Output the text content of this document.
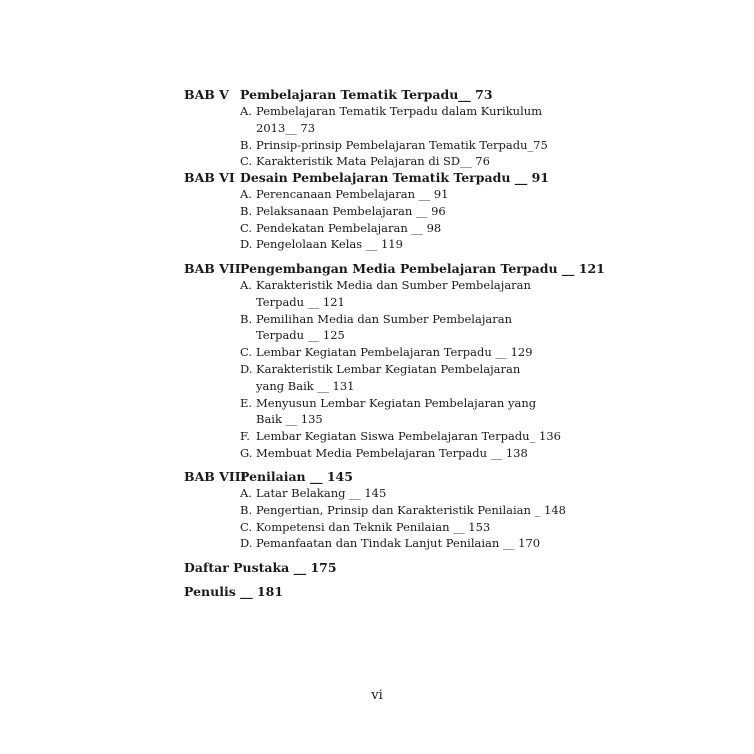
BAB V Pembelajaran Tematik Terpadu__ 73
A. Pembelajaran Tematik Terpadu dalam Kurikulum
2013__ 73
B. Prinsip-prinsip Pembelajaran Tematik Terpadu_75
C. Karakteristik Mata Pelajaran di SD__ 76
BAB VI Desain Pembelajaran Tematik Terpadu __ 91
A. Perencanaan Pembelajaran __ 91
B. Pelaksanaan Pembelajaran __ 96
C. Pendekatan Pembelajaran __ 98
D. Pengelolaan Kelas __ 119
BAB VIIPengembangan Media Pembelajaran Terpadu __ 121
A. Karakteristik Media dan Sumber Pembelajaran
Terpadu __ 121
B. Pemilihan Media dan Sumber Pembelajaran
Terpadu __ 125
C. Lembar Kegiatan Pembelajaran Terpadu __ 129
D. Karakteristik Lembar Kegiatan Pembelajaran
yang Baik __ 131
E. Menyusun Lembar Kegiatan Pembelajaran yang
Baik __ 135
F. Lembar Kegiatan Siswa Pembelajaran Terpadu_ 136
G. Membuat Media Pembelajaran Terpadu __ 138
BAB VIIIPenilaian __ 145
A. Latar Belakang __ 145
B. Pengertian, Prinsip dan Karakteristik Penilaian _ 148
C. Kompetensi dan Teknik Penilaian __ 153
D. Pemanfaatan dan Tindak Lanjut Penilaian __ 170
Daftar Pustaka __ 175
Penulis __ 181
vi
